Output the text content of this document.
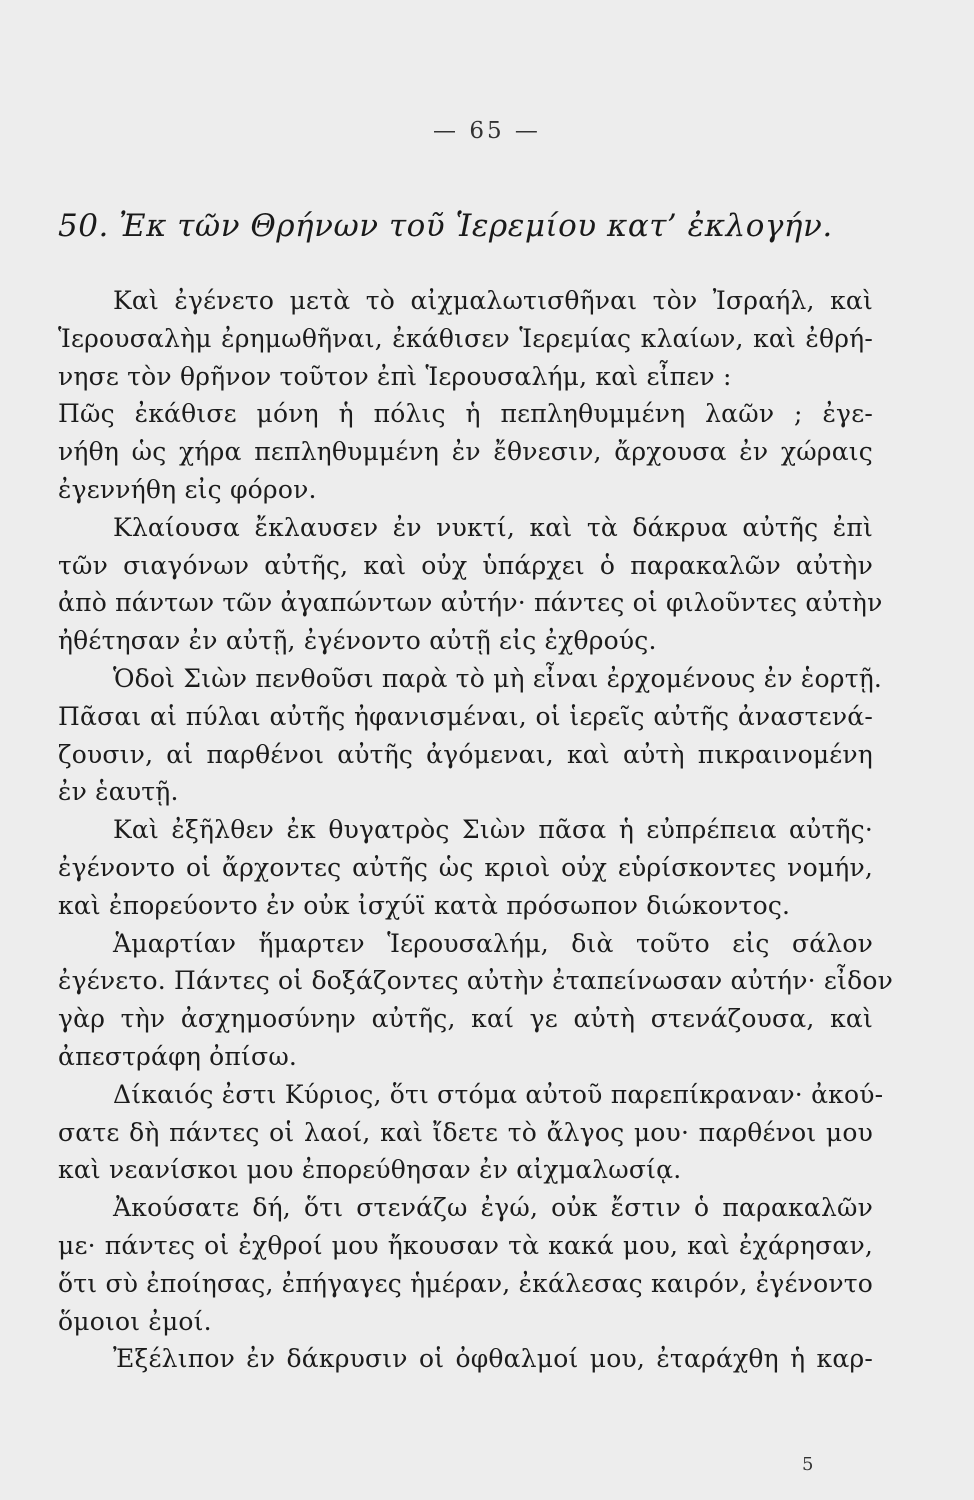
— 65 —
50. Ἐκ τῶν Θρήνων τοῦ Ἱερεμίου κατ’ ἐκλογήν.
Καὶ ἐγένετο μετὰ τὸ αἰχμαλωτισθῆναι τὸν Ἰσραήλ, καὶ
Ἱερουσαλὴμ ἐρημωθῆναι, ἐκάθισεν Ἱερεμίας κλαίων, καὶ ἐθρή-
νησε τὸν θρῆνον τοῦτον ἐπὶ Ἱερουσαλήμ, καὶ εἶπεν :
Πῶς ἐκάθισε μόνη ἡ πόλις ἡ πεπληθυμμένη λαῶν ; ἐγε-
νήθη ὡς χήρα πεπληθυμμένη ἐν ἔθνεσιν, ἄρχουσα ἐν χώραις
ἐγεννήθη εἰς φόρον.
Κλαίουσα ἔκλαυσεν ἐν νυκτί, καὶ τὰ δάκρυα αὐτῆς ἐπὶ
τῶν σιαγόνων αὐτῆς, καὶ οὐχ ὑπάρχει ὁ παρακαλῶν αὐτὴν
ἀπὸ πάντων τῶν ἀγαπώντων αὐτήν· πάντες οἱ φιλοῦντες αὐτὴν
ἠθέτησαν ἐν αὐτῇ, ἐγένοντο αὐτῇ εἰς ἐχθρούς.
Ὁδοὶ Σιὼν πενθοῦσι παρὰ τὸ μὴ εἶναι ἐρχομένους ἐν ἑορτῇ.
Πᾶσαι αἱ πύλαι αὐτῆς ἠφανισμέναι, οἱ ἱερεῖς αὐτῆς ἀναστενά-
ζουσιν, αἱ παρθένοι αὐτῆς ἀγόμεναι, καὶ αὐτὴ πικραινομένη
ἐν ἑαυτῇ.
Καὶ ἐξῆλθεν ἐκ θυγατρὸς Σιὼν πᾶσα ἡ εὐπρέπεια αὐτῆς·
ἐγένοντο οἱ ἄρχοντες αὐτῆς ὡς κριοὶ οὐχ εὑρίσκοντες νομήν,
καὶ ἐπορεύοντο ἐν οὐκ ἰσχύϊ κατὰ πρόσωπον διώκοντος.
Ἁμαρτίαν ἥμαρτεν Ἱερουσαλήμ, διὰ τοῦτο εἰς σάλον
ἐγένετο. Πάντες οἱ δοξάζοντες αὐτὴν ἐταπείνωσαν αὐτήν· εἶδον
γὰρ τὴν ἀσχημοσύνην αὐτῆς, καί γε αὐτὴ στενάζουσα, καὶ
ἀπεστράφη ὀπίσω.
Δίκαιός ἐστι Κύριος, ὅτι στόμα αὐτοῦ παρεπίκραναν· ἀκού-
σατε δὴ πάντες οἱ λαοί, καὶ ἴδετε τὸ ἄλγος μου· παρθένοι μου
καὶ νεανίσκοι μου ἐπορεύθησαν ἐν αἰχμαλωσίᾳ.
Ἀκούσατε δή, ὅτι στενάζω ἐγώ, οὐκ ἔστιν ὁ παρακαλῶν
με· πάντες οἱ ἐχθροί μου ἤκουσαν τὰ κακά μου, καὶ ἐχάρησαν,
ὅτι σὺ ἐποίησας, ἐπήγαγες ἡμέραν, ἐκάλεσας καιρόν, ἐγένοντο
ὅμοιοι ἐμοί.
Ἐξέλιπον ἐν δάκρυσιν οἱ ὀφθαλμοί μου, ἐταράχθη ἡ καρ-
5
